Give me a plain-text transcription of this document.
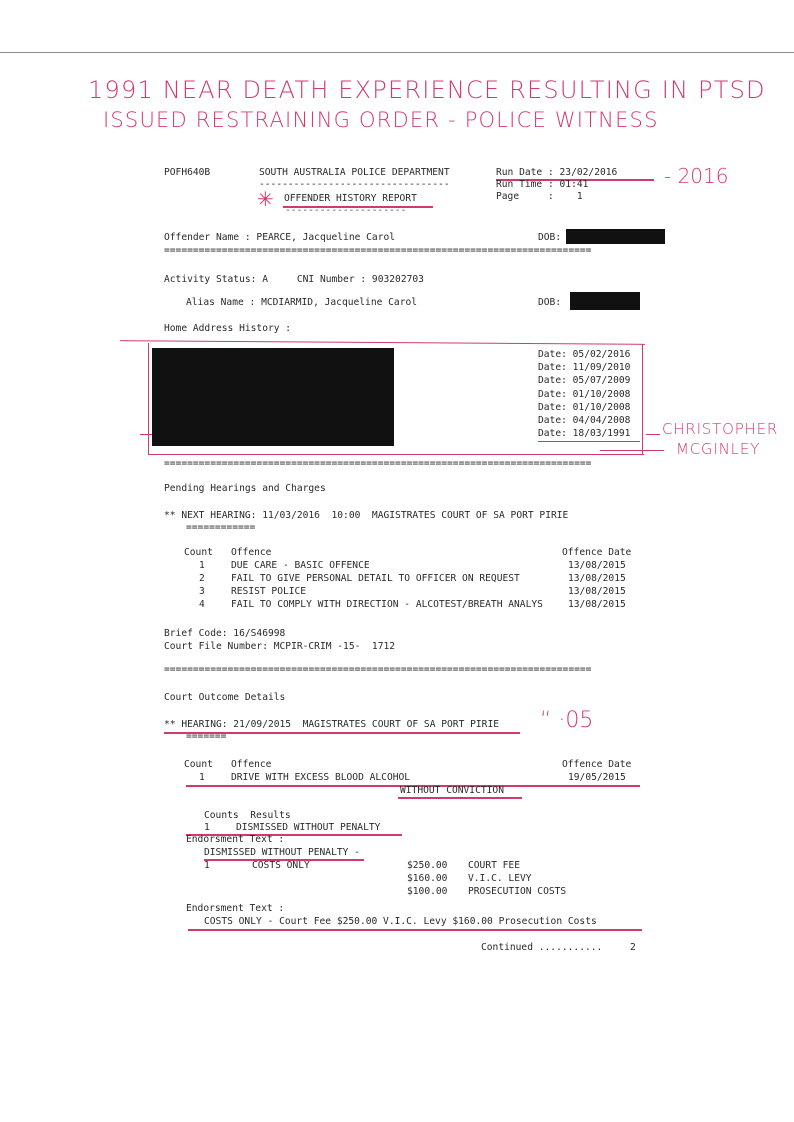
1991 NEAR DEATH EXPERIENCE RESULTING IN PTSD
ISSUED RESTRAINING ORDER - POLICE WITNESS
- 2016
CHRISTOPHER
MCGINLEY
“ ·05
POFH640B	SOUTH AUSTRALIA POLICE DEPARTMENT
---------------------------------
✳ OFFENDER HISTORY REPORT
---------------------
Run Date : 23/02/2016
Run Time : 01:41
Page     :    1
Offender Name : PEARCE, Jacqueline Carol	DOB:
==========================================================================
Activity Status: A     CNI Number : 903202703
Alias Name : MCDIARMID, Jacqueline Carol	DOB:
Home Address History :
Date: 05/02/2016
Date: 11/09/2010
Date: 05/07/2009
Date: 01/10/2008
Date: 01/10/2008
Date: 04/04/2008
Date: 18/03/1991
==========================================================================
Pending Hearings and Charges
** NEXT HEARING: 11/03/2016  10:00  MAGISTRATES COURT OF SA PORT PIRIE
============
Count Offence	Offence Date
1	DUE CARE - BASIC OFFENCE	13/08/2015
2	FAIL TO GIVE PERSONAL DETAIL TO OFFICER ON REQUEST	13/08/2015
3	RESIST POLICE	13/08/2015
4	FAIL TO COMPLY WITH DIRECTION - ALCOTEST/BREATH ANALYS	13/08/2015
Brief Code: 16/S46998
Court File Number: MCPIR-CRIM -15-  1712
==========================================================================
Court Outcome Details
** HEARING: 21/09/2015  MAGISTRATES COURT OF SA PORT PIRIE
=======
Count Offence	Offence Date
1	DRIVE WITH EXCESS BLOOD ALCOHOL	19/05/2015
WITHOUT CONVICTION
Counts  Results
1	DISMISSED WITHOUT PENALTY
Endorsment Text :
DISMISSED WITHOUT PENALTY -
1	COSTS ONLY	$250.00 COURT FEE
$160.00 V.I.C. LEVY
$100.00 PROSECUTION COSTS
Endorsment Text :
COSTS ONLY - Court Fee $250.00 V.I.C. Levy $160.00 Prosecution Costs
Continued ...........	2
